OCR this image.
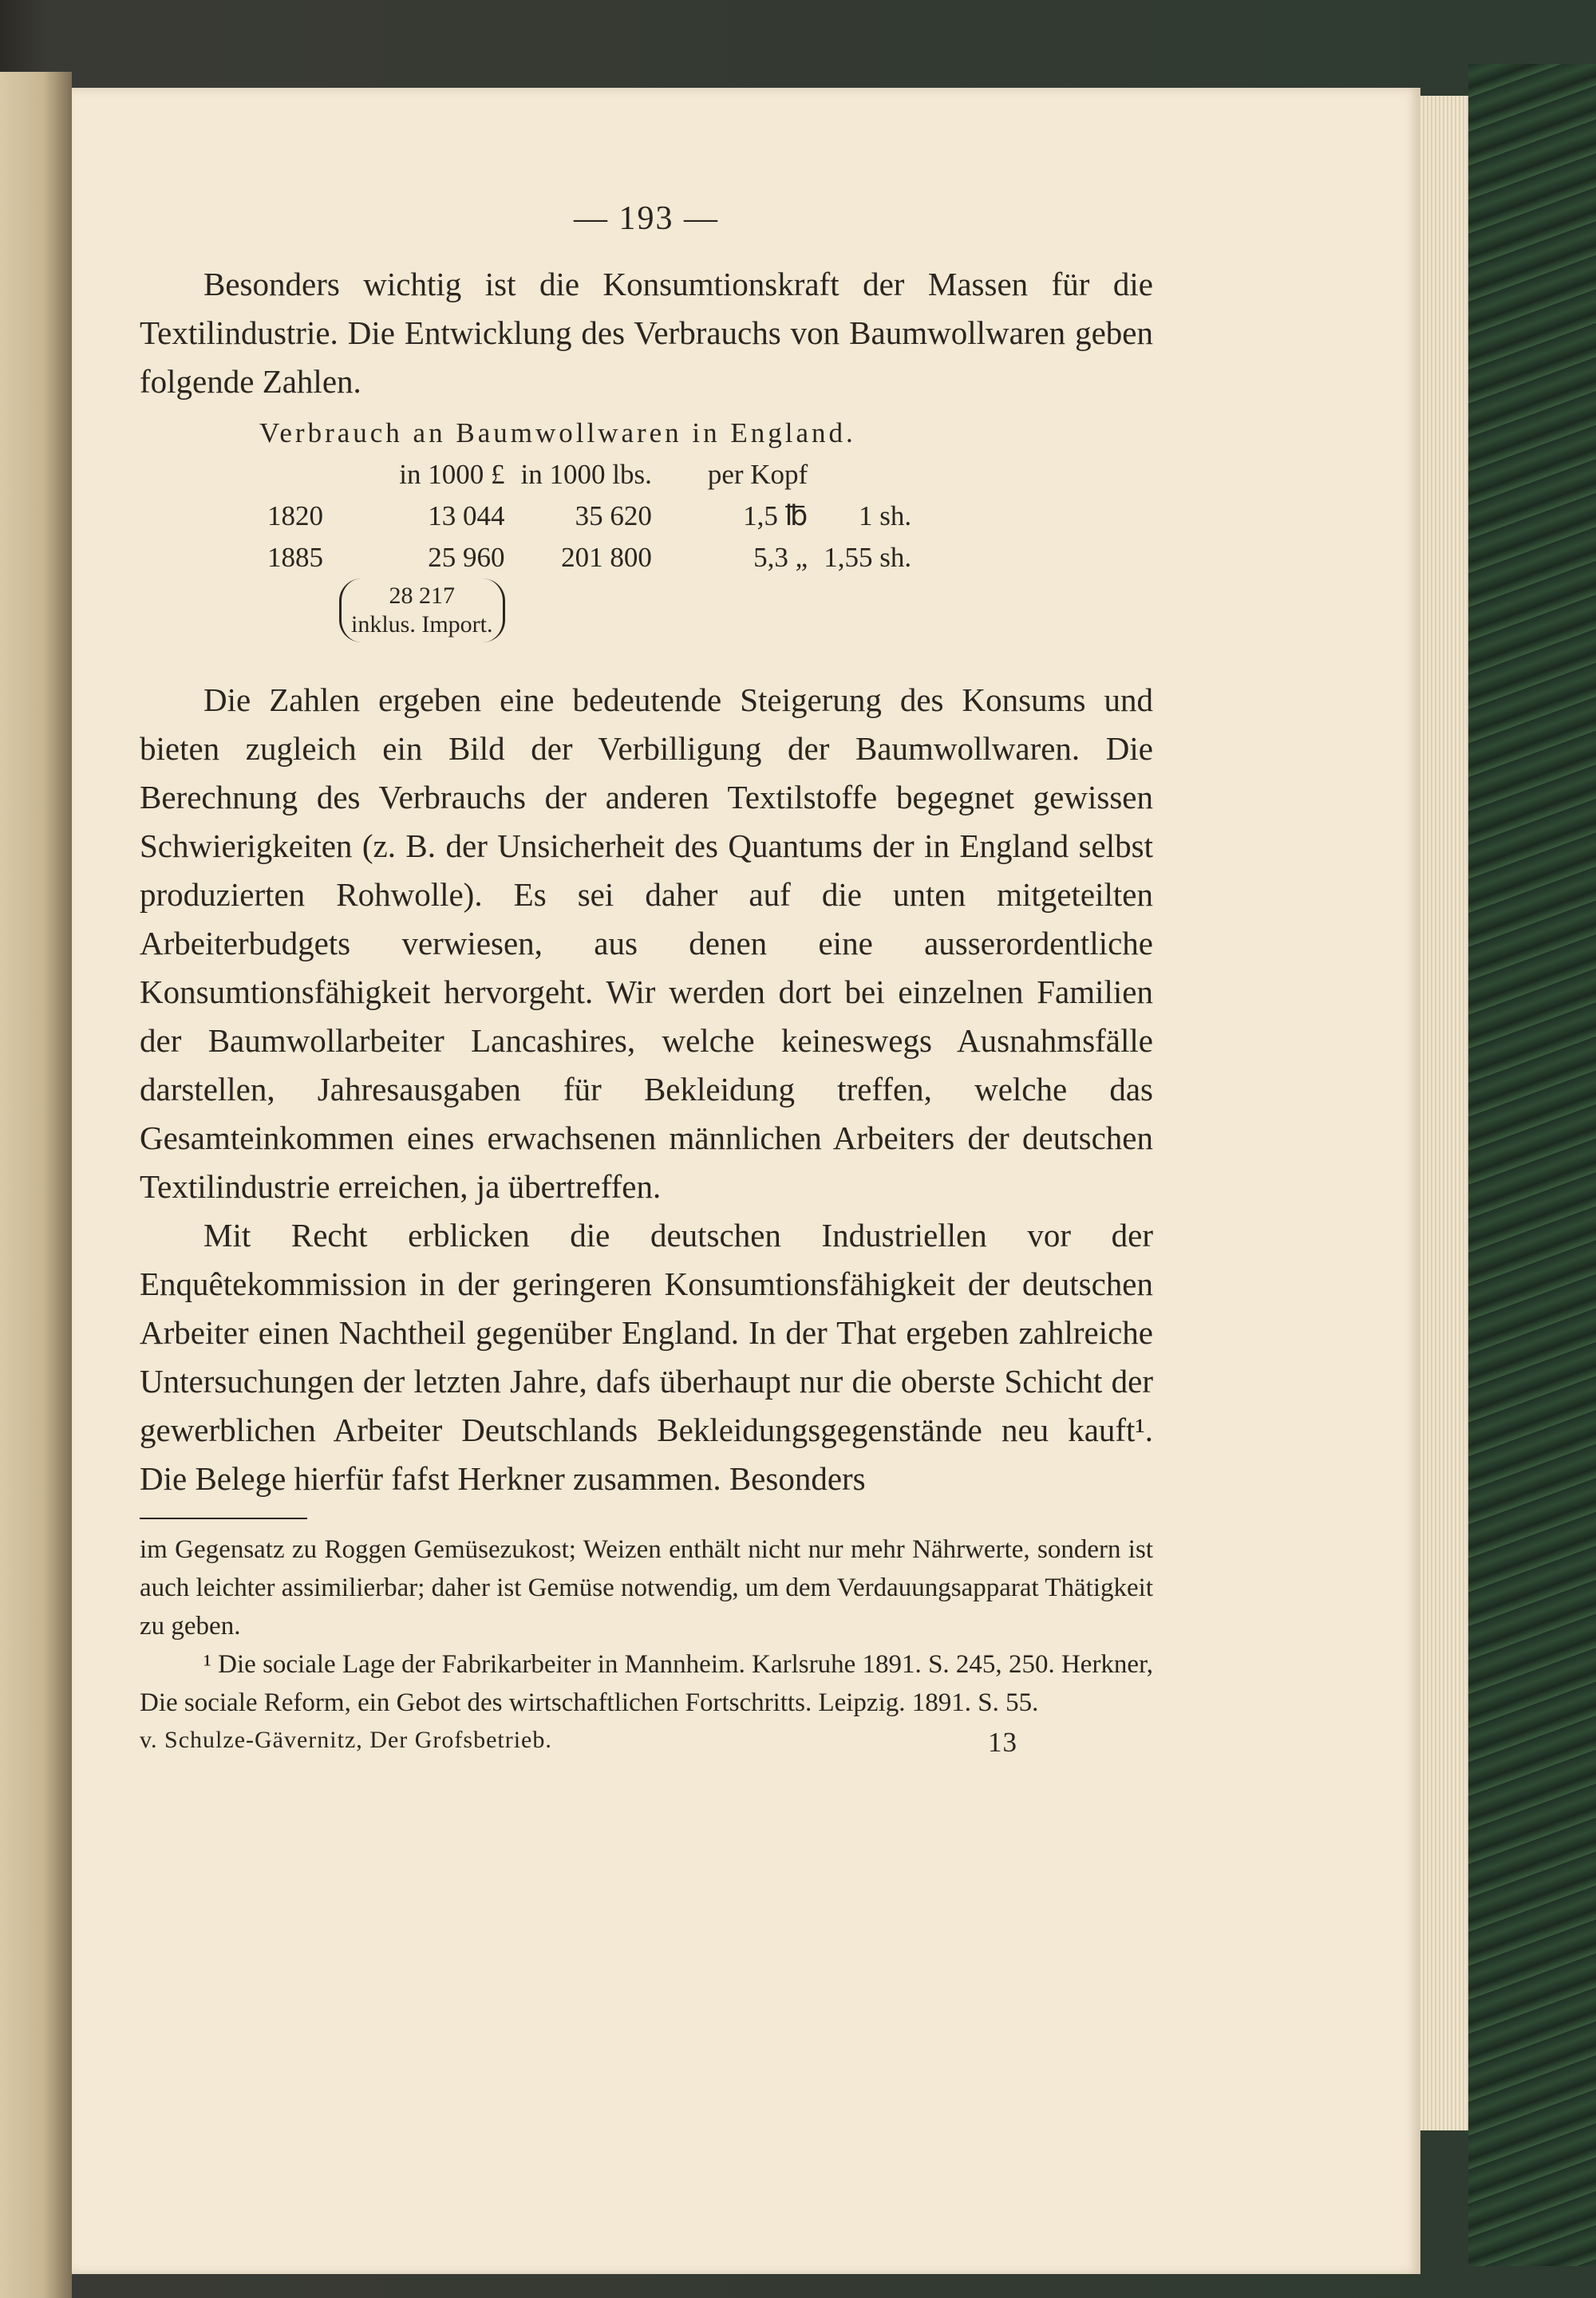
— 193 —

Besonders wichtig ist die Konsumtionskraft der Massen für die Textilindustrie. Die Entwicklung des Verbrauchs von Baumwollwaren geben folgende Zahlen.

Verbrauch an Baumwollwaren in England.
	in 1000 £	in 1000 lbs.	per Kopf	
1820	13 044	35 620	1,5 ℔	1 sh.
1885	25 960	201 800	5,3 „	1,55 sh.
	28 217
inklus. Import.			

Die Zahlen ergeben eine bedeutende Steigerung des Konsums und bieten zugleich ein Bild der Verbilligung der Baumwollwaren. Die Berechnung des Verbrauchs der anderen Textilstoffe begegnet gewissen Schwierigkeiten (z. B. der Unsicherheit des Quantums der in England selbst produzierten Rohwolle). Es sei daher auf die unten mitgeteilten Arbeiterbudgets verwiesen, aus denen eine ausserordentliche Konsumtionsfähigkeit hervorgeht. Wir werden dort bei einzelnen Familien der Baumwollarbeiter Lancashires, welche keineswegs Ausnahmsfälle darstellen, Jahresausgaben für Bekleidung treffen, welche das Gesamteinkommen eines erwachsenen männlichen Arbeiters der deutschen Textilindustrie erreichen, ja übertreffen.

Mit Recht erblicken die deutschen Industriellen vor der Enquêtekommission in der geringeren Konsumtionsfähigkeit der deutschen Arbeiter einen Nachtheil gegenüber England. In der That ergeben zahlreiche Untersuchungen der letzten Jahre, dafs überhaupt nur die oberste Schicht der gewerblichen Arbeiter Deutschlands Bekleidungsgegenstände neu kauft¹. Die Belege hierfür fafst Herkner zusammen. Besonders

im Gegensatz zu Roggen Gemüsezukost; Weizen enthält nicht nur mehr Nährwerte, sondern ist auch leichter assimilierbar; daher ist Gemüse notwendig, um dem Verdauungsapparat Thätigkeit zu geben.

¹ Die sociale Lage der Fabrikarbeiter in Mannheim. Karlsruhe 1891. S. 245, 250. Herkner, Die sociale Reform, ein Gebot des wirtschaftlichen Fortschritts. Leipzig. 1891. S. 55.

v. Schulze-Gävernitz, Der Grofsbetrieb.	13
